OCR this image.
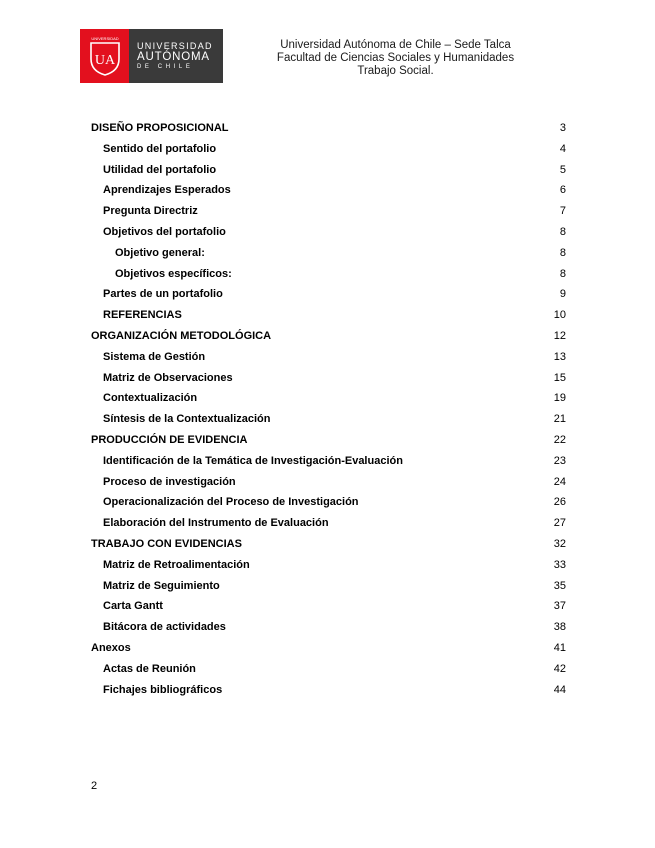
UA
UNIVERSIDAD
UNIVERSIDAD
AUTÓNOMA
DE CHILE
Universidad Autónoma de Chile – Sede Talca
Facultad de Ciencias Sociales y Humanidades
Trabajo Social.
DISEÑO PROPOSICIONAL	3
Sentido del portafolio	4
Utilidad del portafolio	5
Aprendizajes Esperados	6
Pregunta Directriz	7
Objetivos del portafolio	8
Objetivo general:	8
Objetivos específicos:	8
Partes de un portafolio	9
REFERENCIAS	10
ORGANIZACIÓN METODOLÓGICA	12
Sistema de Gestión	13
Matriz de Observaciones	15
Contextualización	19
Síntesis de la Contextualización	21
PRODUCCIÓN DE EVIDENCIA	22
Identificación de la Temática de Investigación-Evaluación	23
Proceso de investigación	24
Operacionalización del Proceso de Investigación	26
Elaboración del Instrumento de Evaluación	27
TRABAJO CON EVIDENCIAS	32
Matriz de Retroalimentación	33
Matriz de Seguimiento	35
Carta Gantt	37
Bitácora de actividades	38
Anexos	41
Actas de Reunión	42
Fichajes bibliográficos	44
2
